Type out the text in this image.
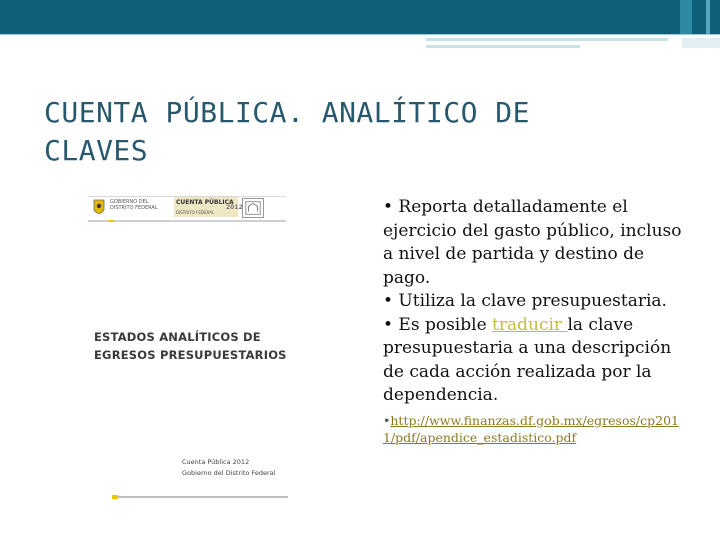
CUENTA PÚBLICA. ANALÍTICO DE CLAVES
GOBIERNO DEL DISTRITO FEDERAL
CUENTA PÚBLICA
2012
DISTRITO FEDERAL
ESTADOS ANALÍTICOS DE EGRESOS PRESUPUESTARIOS
Cuenta Pública 2012
Gobierno del Distrito Federal

• Reporta detalladamente el ejercicio del gasto público, incluso a nivel de partida y destino de pago.

• Utiliza la clave presupuestaria.

• Es posible traducir la clave presupuestaria a una descripción de cada acción realizada por la dependencia.

•http://www.finanzas.df.gob.mx/egresos/cp2011/pdf/apendice_estadistico.pdf
